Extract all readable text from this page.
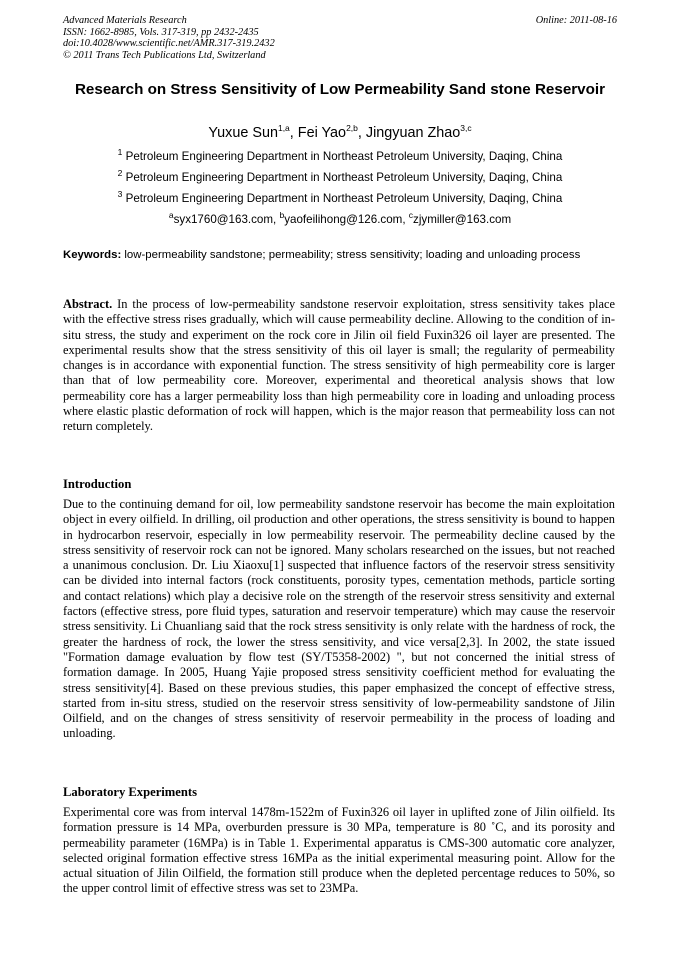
Advanced Materials Research
ISSN: 1662-8985, Vols. 317-319, pp 2432-2435
doi:10.4028/www.scientific.net/AMR.317-319.2432
© 2011 Trans Tech Publications Ltd, Switzerland
Online: 2011-08-16
Research on Stress Sensitivity of Low Permeability Sand stone Reservoir
Yuxue Sun$^{1,a}$, Fei Yao$^{2,b}$, Jingyuan Zhao$^{3,c}$
$^1$ Petroleum Engineering Department in Northeast Petroleum University, Daqing, China
$^2$ Petroleum Engineering Department in Northeast Petroleum University, Daqing, China
$^3$ Petroleum Engineering Department in Northeast Petroleum University, Daqing, China
$^a$syx1760@163.com, $^b$yaofeilihong@126.com, $^c$zjymiller@163.com
Keywords: low-permeability sandstone; permeability; stress sensitivity; loading and unloading process
Abstract. In the process of low-permeability sandstone reservoir exploitation, stress sensitivity takes place with the effective stress rises gradually, which will cause permeability decline. Allowing to the condition of in-situ stress, the study and experiment on the rock core in Jilin oil field Fuxin326 oil layer are presented. The experimental results show that the stress sensitivity of this oil layer is small; the regularity of permeability changes is in accordance with exponential function. The stress sensitivity of high permeability core is larger than that of low permeability core. Moreover, experimental and theoretical analysis shows that low permeability core has a larger permeability loss than high permeability core in loading and unloading process where elastic plastic deformation of rock will happen, which is the major reason that permeability loss can not return completely.
Introduction
Due to the continuing demand for oil, low permeability sandstone reservoir has become the main exploitation object in every oilfield. In drilling, oil production and other operations, the stress sensitivity is bound to happen in hydrocarbon reservoir, especially in low permeability reservoir. The permeability decline caused by the stress sensitivity of reservoir rock can not be ignored. Many scholars researched on the issues, but not reached a unanimous conclusion. Dr. Liu Xiaoxu[1] suspected that influence factors of the reservoir stress sensitivity can be divided into internal factors (rock constituents, porosity types, cementation methods, particle sorting and contact relations) which play a decisive role on the strength of the reservoir stress sensitivity and external factors (effective stress, pore fluid types, saturation and reservoir temperature) which may cause the reservoir stress sensitivity. Li Chuanliang said that the rock stress sensitivity is only relate with the hardness of rock, the greater the hardness of rock, the lower the stress sensitivity, and vice versa[2,3]. In 2002, the state issued "Formation damage evaluation by flow test (SY/T5358-2002) ", but not concerned the initial stress of formation damage. In 2005, Huang Yajie proposed stress sensitivity coefficient method for evaluating the stress sensitivity[4]. Based on these previous studies, this paper emphasized the concept of effective stress, started from in-situ stress, studied on the reservoir stress sensitivity of low-permeability sandstone of Jilin Oilfield, and on the changes of stress sensitivity of reservoir permeability in the process of loading and unloading.
Laboratory Experiments
Experimental core was from interval 1478m-1522m of Fuxin326 oil layer in uplifted zone of Jilin oilfield. Its formation pressure is 14 MPa, overburden pressure is 30 MPa, temperature is 80 ˚C, and its porosity and permeability parameter (16MPa) is in Table 1. Experimental apparatus is CMS-300 automatic core analyzer, selected original formation effective stress 16MPa as the initial experimental measuring point. Allow for the actual situation of Jilin Oilfield, the formation still produce when the depleted percentage reduces to 50%, so the upper control limit of effective stress was set to 23MPa.
